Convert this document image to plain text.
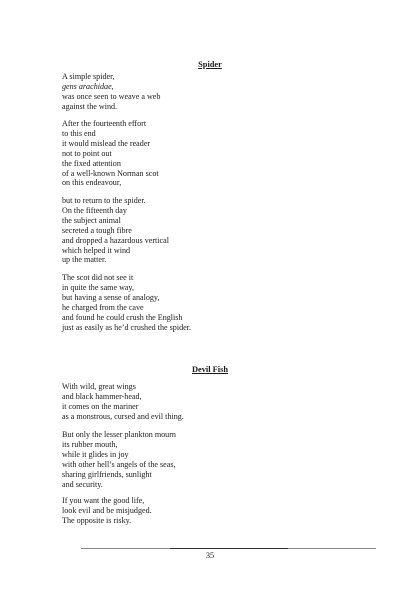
Spider

A simple spider,
gens arachidae,
was once seen to weave a web
against the wind.

After the fourteenth effort
to this end
it would mislead the reader
not to point out
the fixed attention
of a well-known Norman scot
on this endeavour,

but to return to the spider.
On the fifteenth day
the subject animal
secreted a tough fibre
and dropped a hazardous vertical
which helped it wind
up the matter.

The scot did not see it
in quite the same way,
but having a sense of analogy,
he charged from the cave
and found he could crush the English
just as easily as he’d crushed the spider.

Devil Fish

With wild, great wings
and black hammer-head,
it comes on the mariner
as a monstrous, cursed and evil thing.

But only the lesser plankton mourn
its rubber mouth,
while it glides in joy
with other hell’s angels of the seas,
sharing girlfriends, sunlight
and security.

If you want the good life,
look evil and be misjudged.
The opposite is risky.

35
